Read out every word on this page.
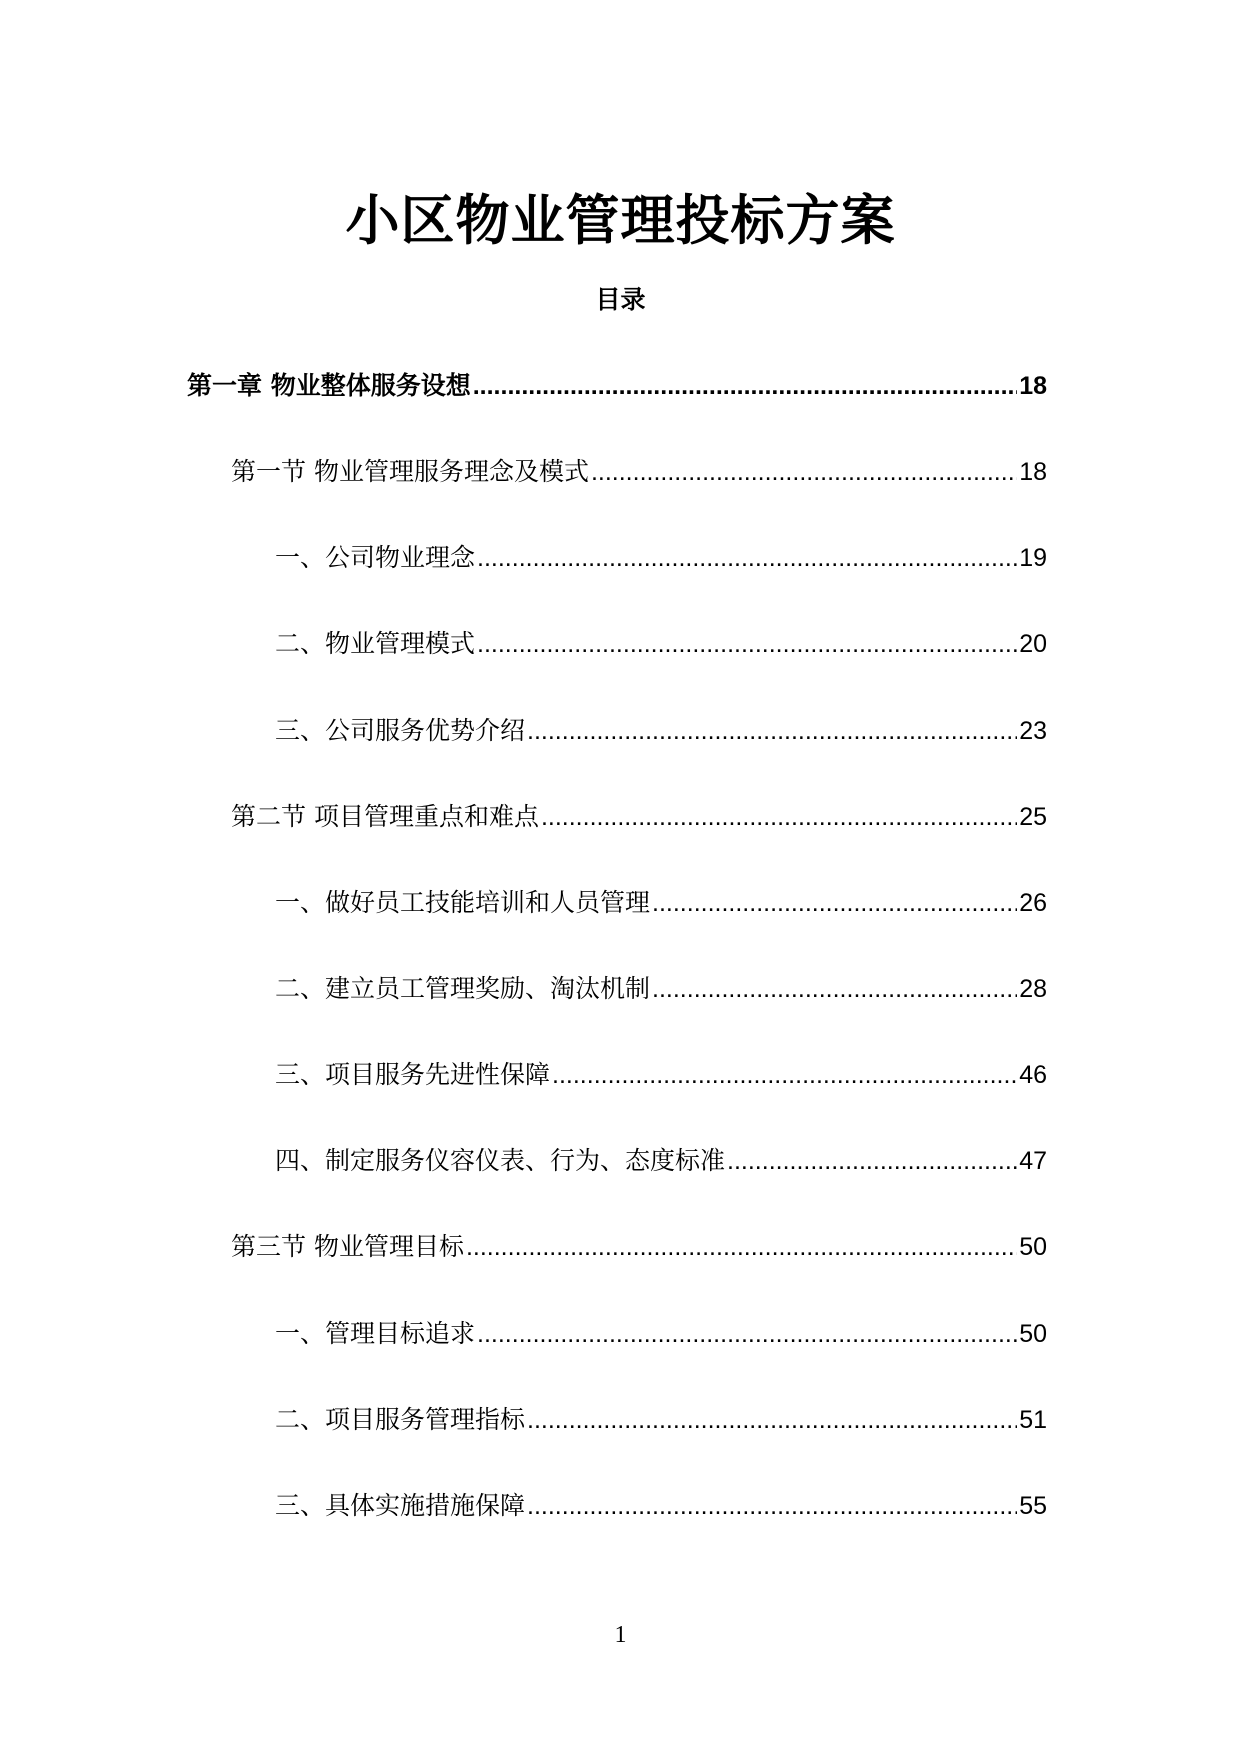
小区物业管理投标方案
目录
第一章 物业整体服务设想 .....	18
第一节 物业管理服务理念及模式 .....	18
一、公司物业理念 .....	19
二、物业管理模式 .....	20
三、公司服务优势介绍 .....	23
第二节 项目管理重点和难点 .....	25
一、做好员工技能培训和人员管理 .....	26
二、建立员工管理奖励、淘汰机制 .....	28
三、项目服务先进性保障 .....	46
四、制定服务仪容仪表、行为、态度标准 .....	47
第三节 物业管理目标 .....	50
一、管理目标追求 .....	50
二、项目服务管理指标 .....	51
三、具体实施措施保障 .....	55
1
